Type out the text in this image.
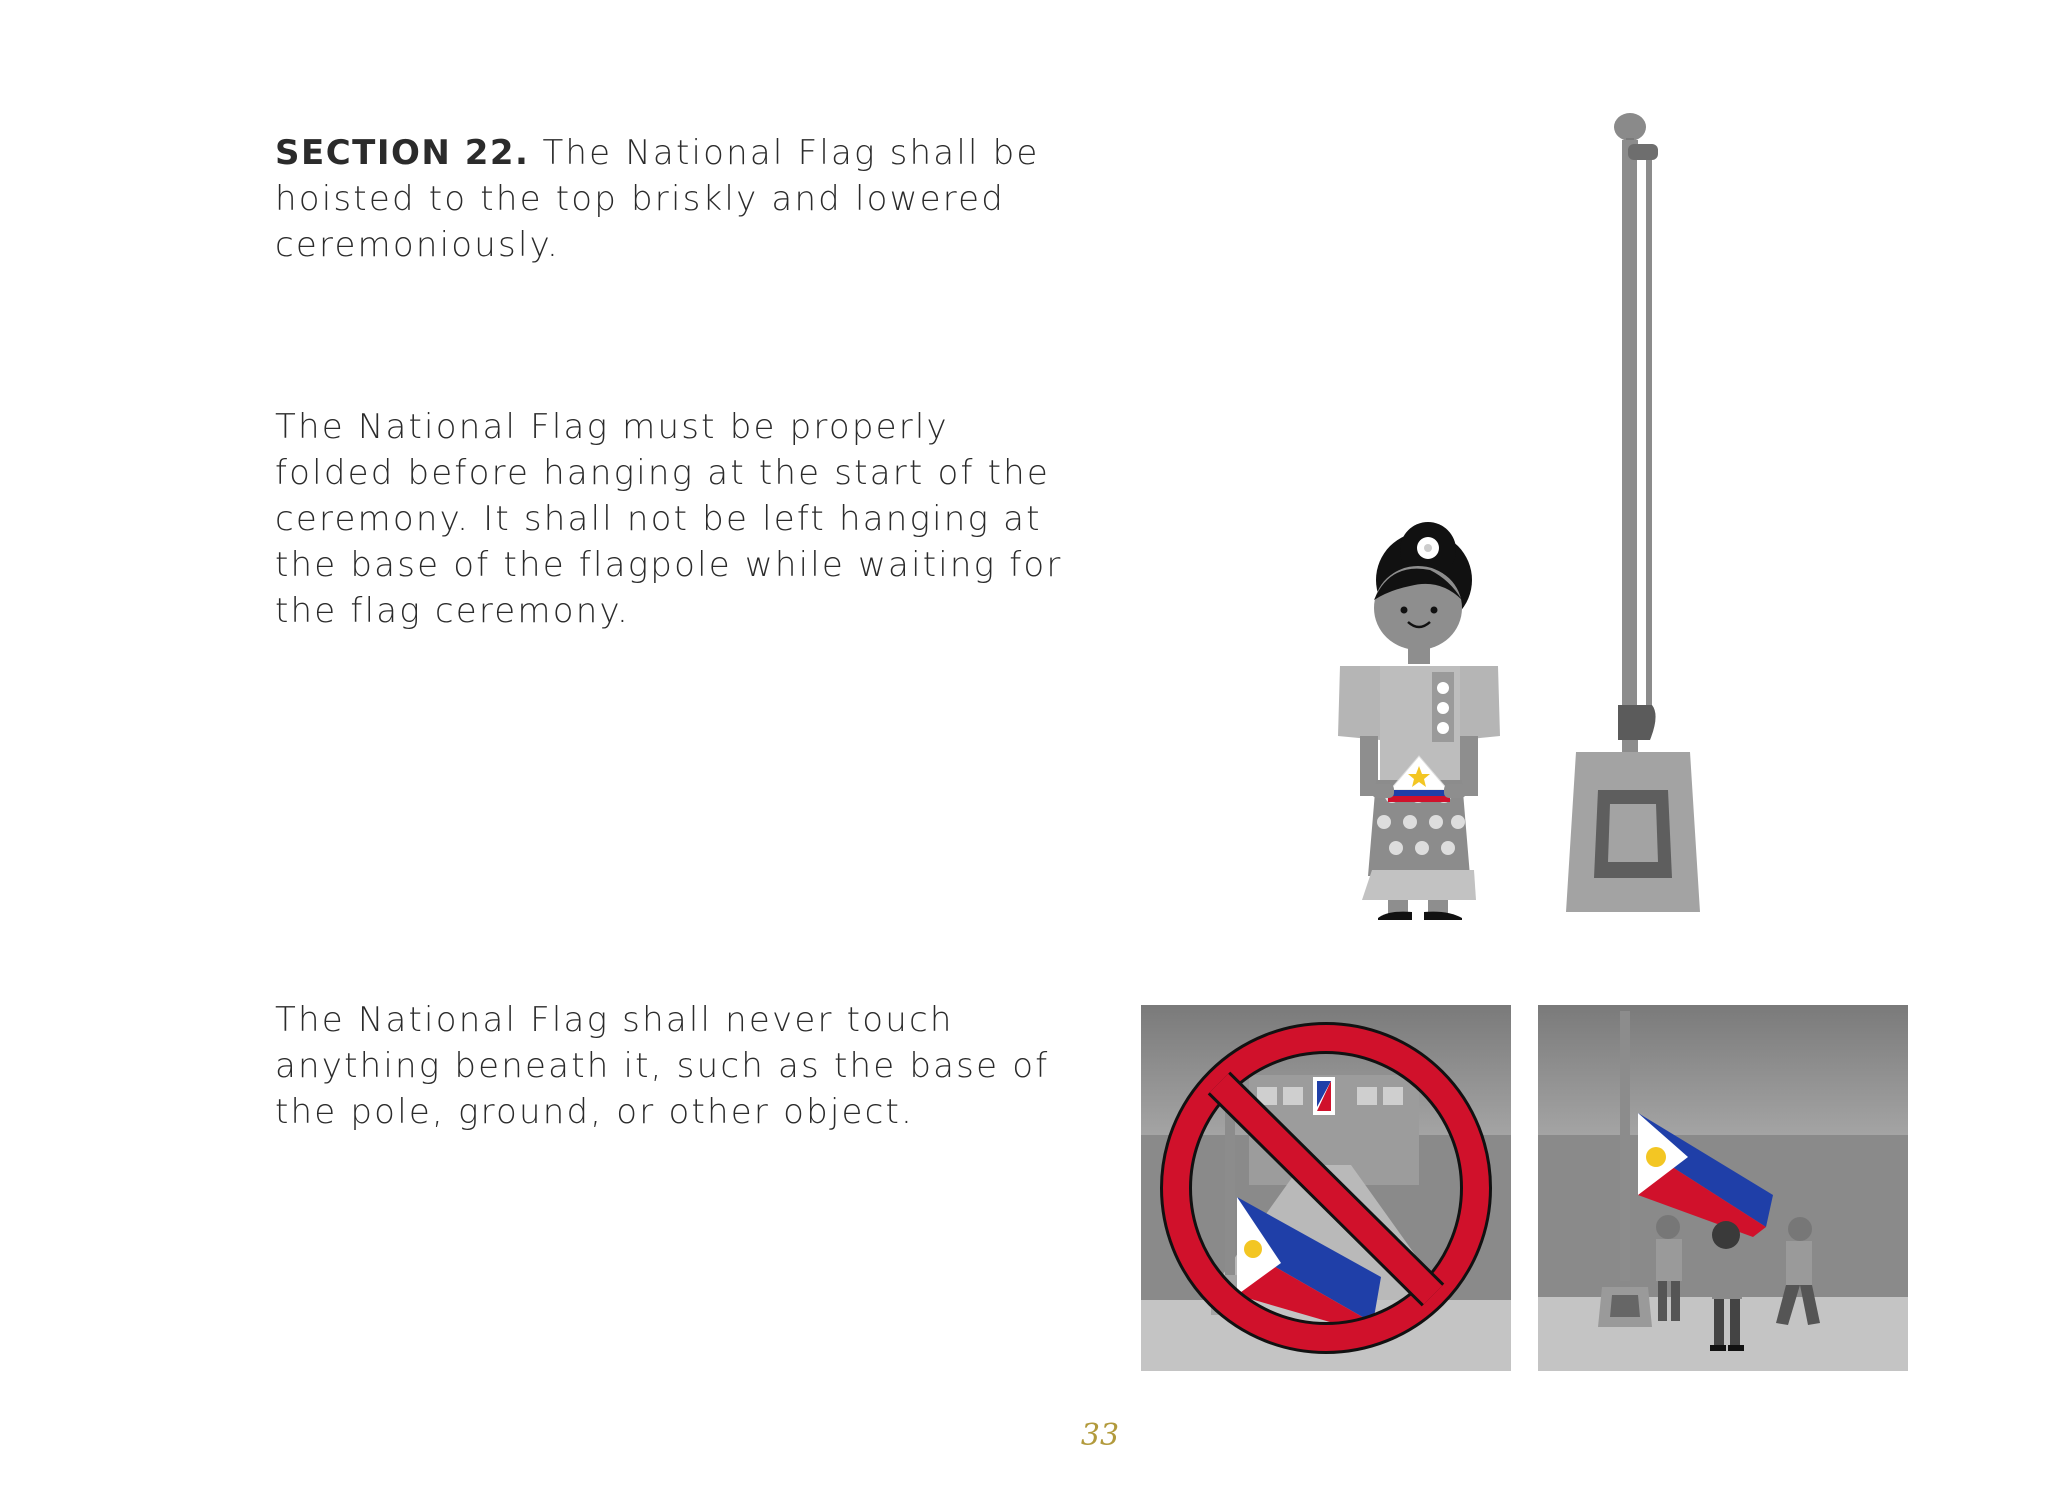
SECTION 22. The National Flag shall be hoisted to the top briskly and lowered ceremoniously.

The National Flag must be properly folded before hanging at the start of the ceremony. It shall not be left hanging at the base of the flagpole while waiting for the flag ceremony.

The National Flag shall never touch anything beneath it, such as the base of the pole, ground, or other object.

33
